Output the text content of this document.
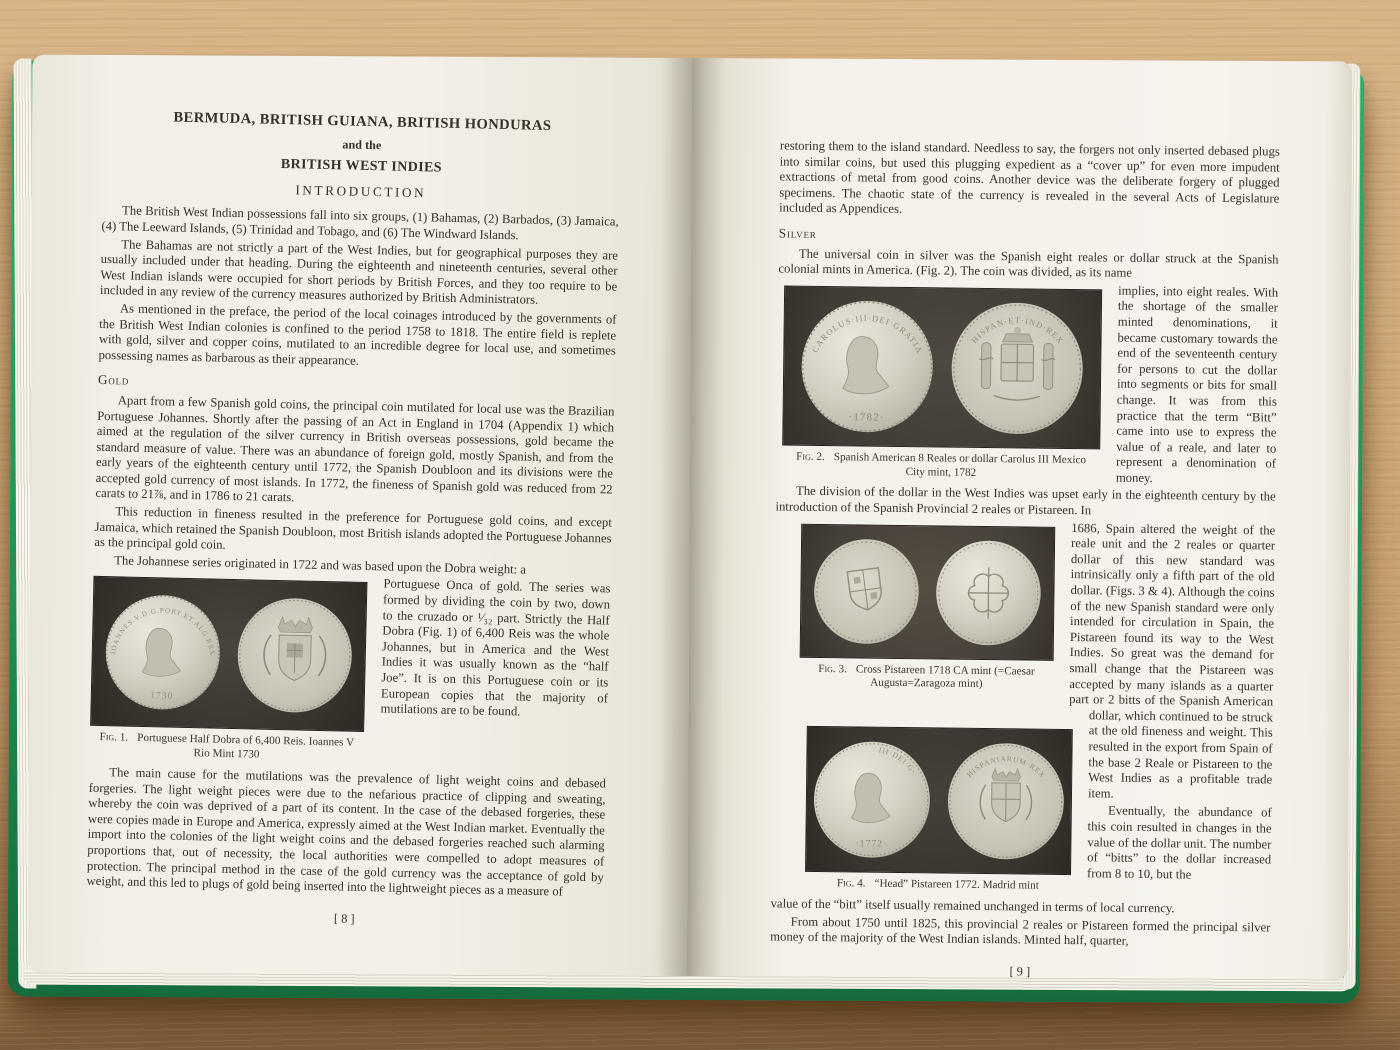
BERMUDA, BRITISH GUIANA, BRITISH HONDURAS
and the
BRITISH WEST INDIES
INTRODUCTION

The British West Indian possessions fall into six groups, (1) Bahamas, (2) Barbados, (3) Jamaica, (4) The Leeward Islands, (5) Trinidad and Tobago, and (6) The Windward Islands.

The Bahamas are not strictly a part of the West Indies, but for geographical purposes they are usually included under that heading. During the eighteenth and nineteenth centuries, several other West Indian islands were occupied for short periods by British Forces, and they too require to be included in any review of the currency measures authorized by British Administrators.

As mentioned in the preface, the period of the local coinages introduced by the governments of the British West Indian colonies is confined to the period 1758 to 1818. The entire field is replete with gold, silver and copper coins, mutilated to an incredible degree for local use, and sometimes possessing names as barbarous as their appearance.

Gold

Apart from a few Spanish gold coins, the principal coin mutilated for local use was the Brazilian Portuguese Johannes. Shortly after the passing of an Act in England in 1704 (Appendix 1) which aimed at the regulation of the silver currency in British overseas possessions, gold became the standard measure of value. There was an abundance of foreign gold, mostly Spanish, and from the early years of the eighteenth century until 1772, the Spanish Doubloon and its divisions were the accepted gold currency of most islands. In 1772, the fineness of Spanish gold was reduced from 22 carats to 21⅞, and in 1786 to 21 carats.

This reduction in fineness resulted in the preference for Portuguese gold coins, and except Jamaica, which retained the Spanish Doubloon, most British islands adopted the Portuguese Johannes as the principal gold coin.

The Johannese series originated in 1722 and was based upon the Dobra weight: a

IOANNES.V.D.G.PORT.ET.ALG.REX
1730
Fig. 1. Portuguese Half Dobra of 6,400 Reis. Ioannes V
Rio Mint 1730

Portuguese Onca of gold. The series was formed by dividing the coin by two, down to the cruzado or ¹⁄₃₂ part. Strictly the Half Dobra (Fig. 1) of 6,400 Reis was the whole Johannes, but in America and the West Indies it was usually known as the “half Joe”. It is on this Portuguese coin or its European copies that the majority of mutilations are to be found.

The main cause for the mutilations was the prevalence of light weight coins and debased forgeries. The light weight pieces were due to the nefarious practice of clipping and sweating, whereby the coin was deprived of a part of its content. In the case of the debased forgeries, these were copies made in Europe and America, expressly aimed at the West Indian market. Eventually the import into the colonies of the light weight coins and the debased forgeries reached such alarming proportions that, out of necessity, the local authorities were compelled to adopt measures of protection. The principal method in the case of the gold currency was the acceptance of gold by weight, and this led to plugs of gold being inserted into the lightweight pieces as a measure of

[ 8 ]

restoring them to the island standard. Needless to say, the forgers not only inserted debased plugs into similar coins, but used this plugging expedient as a “cover up” for even more impudent extractions of metal from good coins. Another device was the deliberate forgery of plugged specimens. The chaotic state of the currency is revealed in the several Acts of Legislature included as Appendices.

Silver

The universal coin in silver was the Spanish eight reales or dollar struck at the Spanish colonial mints in America. (Fig. 2). The coin was divided, as its name

CAROLUS·III·DEI·GRATIA
·1782·
HISPAN·ET·IND·REX
Fig. 2. Spanish American 8 Reales or dollar Carolus III Mexico
City mint, 1782

implies, into eight reales. With the shortage of the smaller minted denominations, it became customary towards the end of the seventeenth century for persons to cut the dollar into segments or bits for small change. It was from this practice that the term “Bitt” came into use to express the value of a reale, and later to represent a denomination of money.

The division of the dollar in the West Indies was upset early in the eighteenth century by the introduction of the Spanish Provincial 2 reales or Pistareen. In

Fig. 3. Cross Pistareen 1718 CA mint (=Caesar
Augusta=Zaragoza mint)
III·DEI·G·
·1772·
HISPANIARUM·REX
Fig. 4. “Head” Pistareen 1772. Madrid mint

1686, Spain altered the weight of the reale unit and the 2 reales or quarter dollar of this new standard was intrinsically only a fifth part of the old dollar. (Figs. 3 & 4). Although the coins of the new Spanish standard were only intended for circulation in Spain, the Pistareen found its way to the West Indies. So great was the demand for small change that the Pistareen was accepted by many islands as a quarter part or 2 bitts of the Spanish American dollar, which continued to be struck at the old fineness and weight. This resulted in the export from Spain of the base 2 Reale or Pistareen to the West Indies as a profitable trade item.

Eventually, the abundance of this coin resulted in changes in the value of the dollar unit. The number of “bitts” to the dollar increased from 8 to 10, but the

value of the “bitt” itself usually remained unchanged in terms of local currency.

From about 1750 until 1825, this provincial 2 reales or Pistareen formed the principal silver money of the majority of the West Indian islands. Minted half, quarter,

[ 9 ]
